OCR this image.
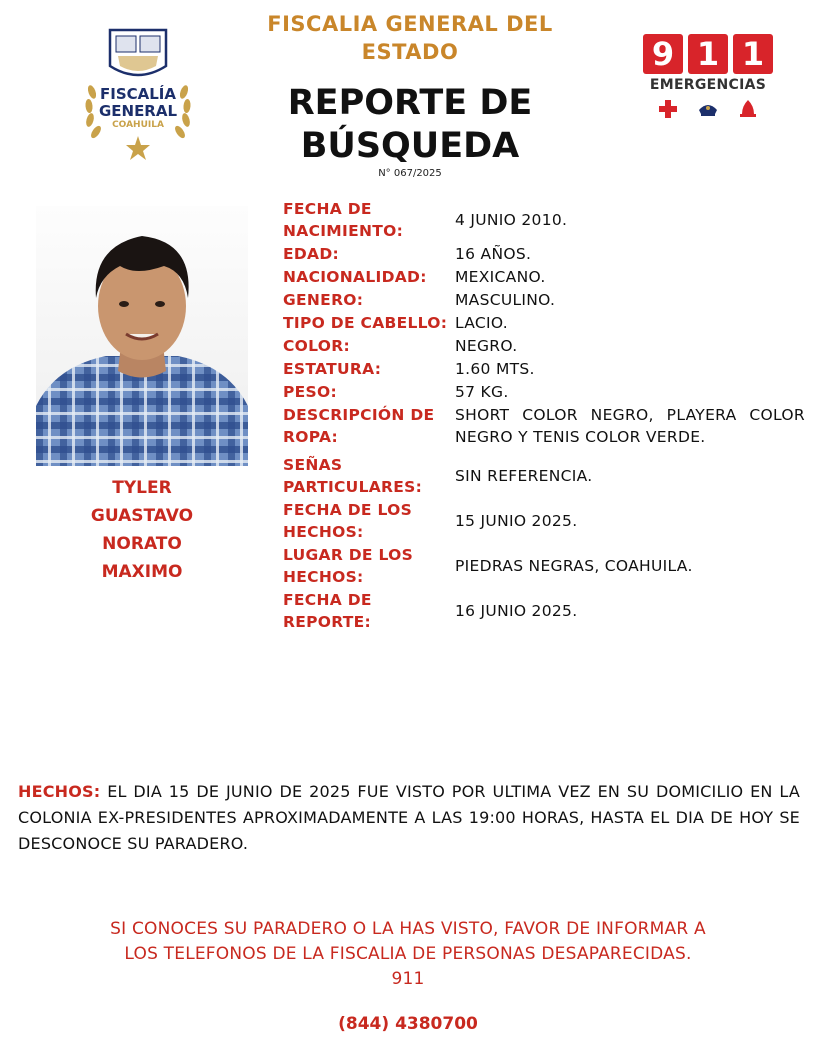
FISCALÍA
GENERAL
COAHUILA
FISCALIA GENERAL DEL
ESTADO
REPORTE DE
BÚSQUEDA
N° 067/2025
9 1 1
EMERGENCIAS
TYLER
GUASTAVO
NORATO
MAXIMO
FECHA DE NACIMIENTO:
4 JUNIO 2010.
EDAD:	16 AÑOS.
NACIONALIDAD:	MEXICANO.
GENERO:	MASCULINO.
TIPO DE CABELLO: LACIO.
COLOR:	NEGRO.
ESTATURA:	1.60 MTS.
PESO:	57 KG.
DESCRIPCIÓN DE ROPA:
SHORT COLOR NEGRO, PLAYERA COLOR NEGRO Y TENIS COLOR VERDE.
SEÑAS PARTICULARES:
SIN REFERENCIA.
FECHA DE LOS HECHOS:
15 JUNIO 2025.
LUGAR DE LOS HECHOS:
PIEDRAS NEGRAS, COAHUILA.
FECHA DE REPORTE:
16 JUNIO 2025.
HECHOS: EL DIA 15 DE JUNIO DE 2025 FUE VISTO POR ULTIMA VEZ EN SU DOMICILIO EN LA COLONIA EX-PRESIDENTES APROXIMADAMENTE A LAS 19:00 HORAS, HASTA EL DIA DE HOY SE DESCONOCE SU PARADERO.
SI CONOCES SU PARADERO O LA HAS VISTO, FAVOR DE INFORMAR A
LOS TELEFONOS DE LA FISCALIA DE PERSONAS DESAPARECIDAS.
911
(844) 4380700
